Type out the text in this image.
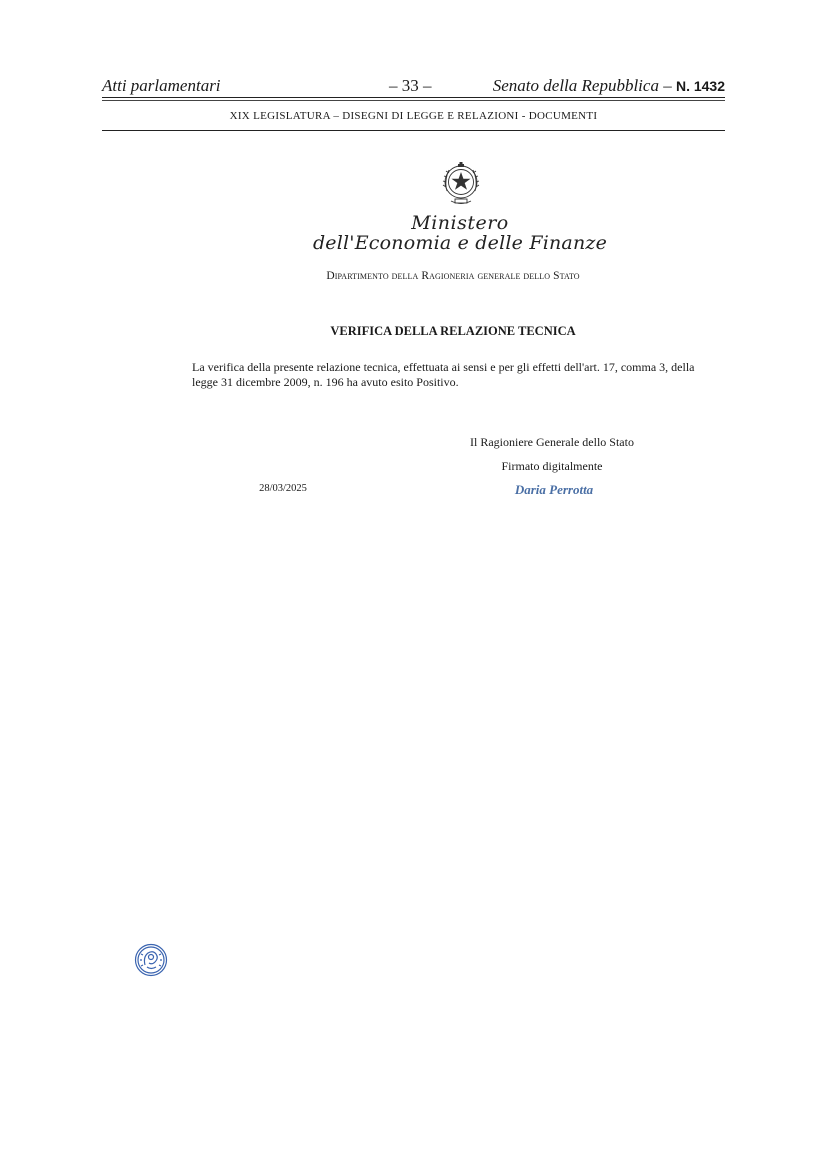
Atti parlamentari	– 33 –	Senato della Repubblica – N. 1432
XIX LEGISLATURA – DISEGNI DI LEGGE E RELAZIONI - DOCUMENTI
Ministero
dell'Economia e delle Finanze
Dipartimento della Ragioneria generale dello Stato
VERIFICA DELLA RELAZIONE TECNICA
La verifica della presente relazione tecnica, effettuata ai sensi e per gli effetti dell'art. 17, comma 3, della legge 31 dicembre 2009, n. 196 ha avuto esito Positivo.
Il Ragioniere Generale dello Stato
Firmato digitalmente
28/03/2025	Daria Perrotta
